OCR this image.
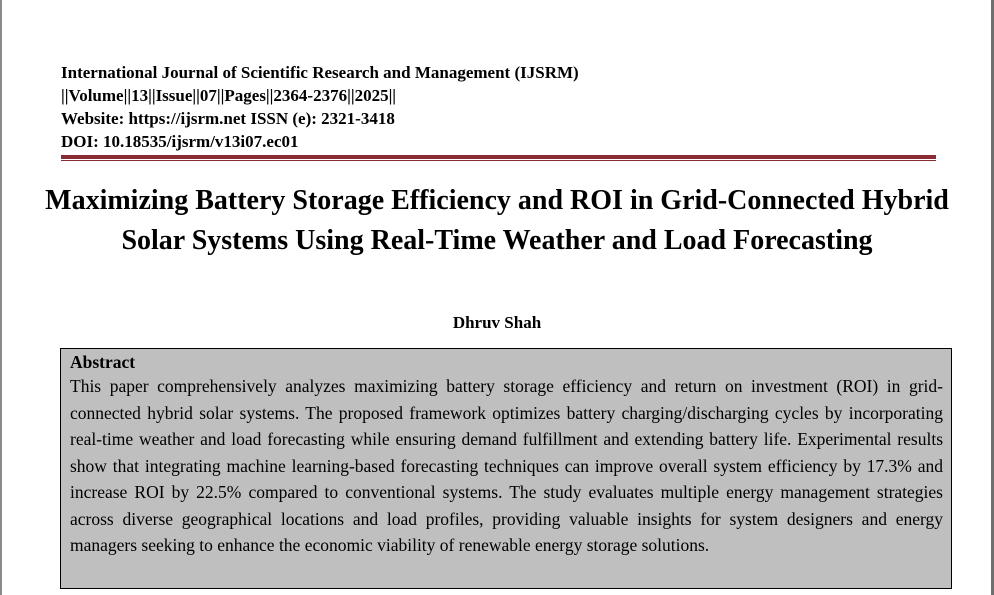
International Journal of Scientific Research and Management (IJSRM)
||Volume||13||Issue||07||Pages||2364-2376||2025||
Website: https://ijsrm.net ISSN (e): 2321-3418
DOI: 10.18535/ijsrm/v13i07.ec01
Maximizing Battery Storage Efficiency and ROI in Grid-Connected Hybrid Solar Systems Using Real-Time Weather and Load Forecasting
Dhruv Shah
Abstract

This paper comprehensively analyzes maximizing battery storage efficiency and return on investment (ROI) in grid-connected hybrid solar systems. The proposed framework optimizes battery charging/discharging cycles by incorporating real-time weather and load forecasting while ensuring demand fulfillment and extending battery life. Experimental results show that integrating machine learning-based forecasting techniques can improve overall system efficiency by 17.3% and increase ROI by 22.5% compared to conventional systems. The study evaluates multiple energy management strategies across diverse geographical locations and load profiles, providing valuable insights for system designers and energy managers seeking to enhance the economic viability of renewable energy storage solutions.
